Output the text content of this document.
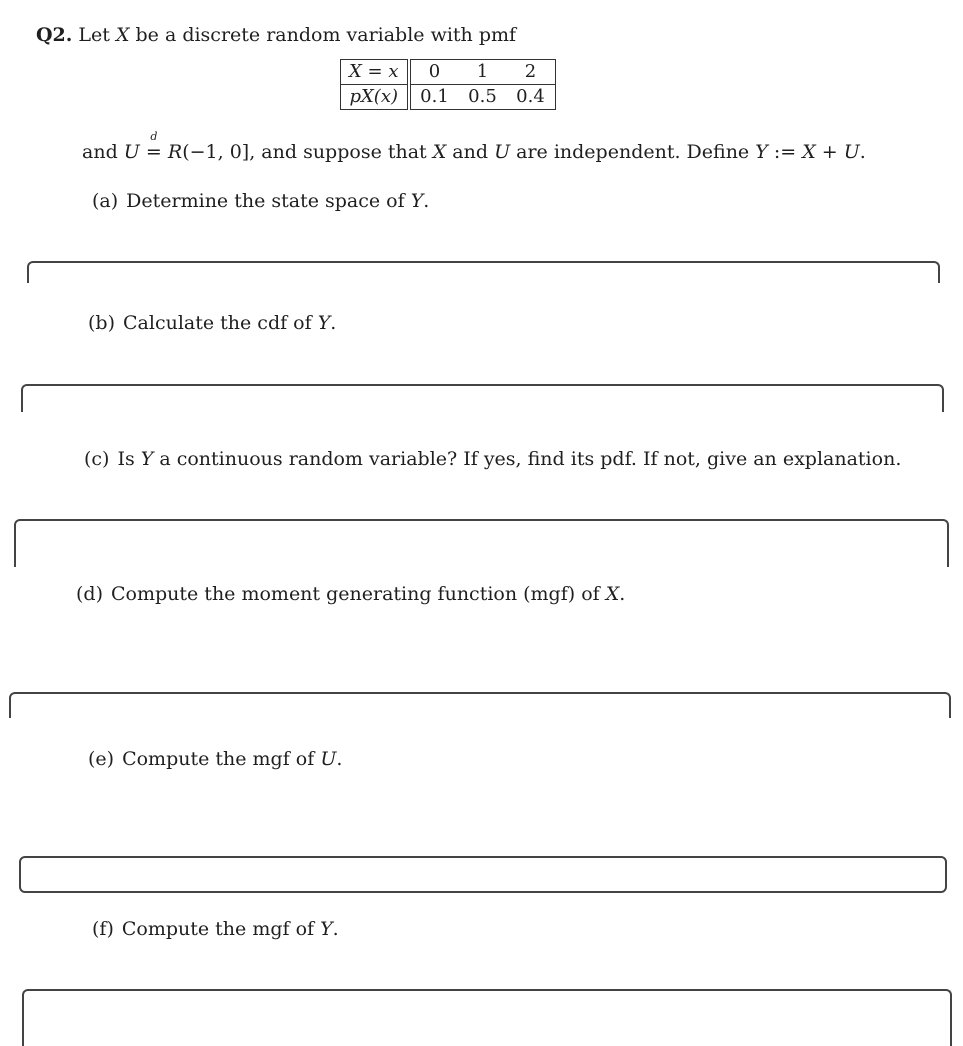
Q2. Let X be a discrete random variable with pmf
X = x	0	1	2
pX(x)	0.1	0.5	0.4
and U
d
= R(−1, 0], and suppose that X and U are independent. Define Y := X + U.
(a) Determine the state space of Y.
(b) Calculate the cdf of Y.
(c) Is Y a continuous random variable? If yes, find its pdf. If not, give an explanation.
(d) Compute the moment generating function (mgf) of X.
(e) Compute the mgf of U.
(f) Compute the mgf of Y.
